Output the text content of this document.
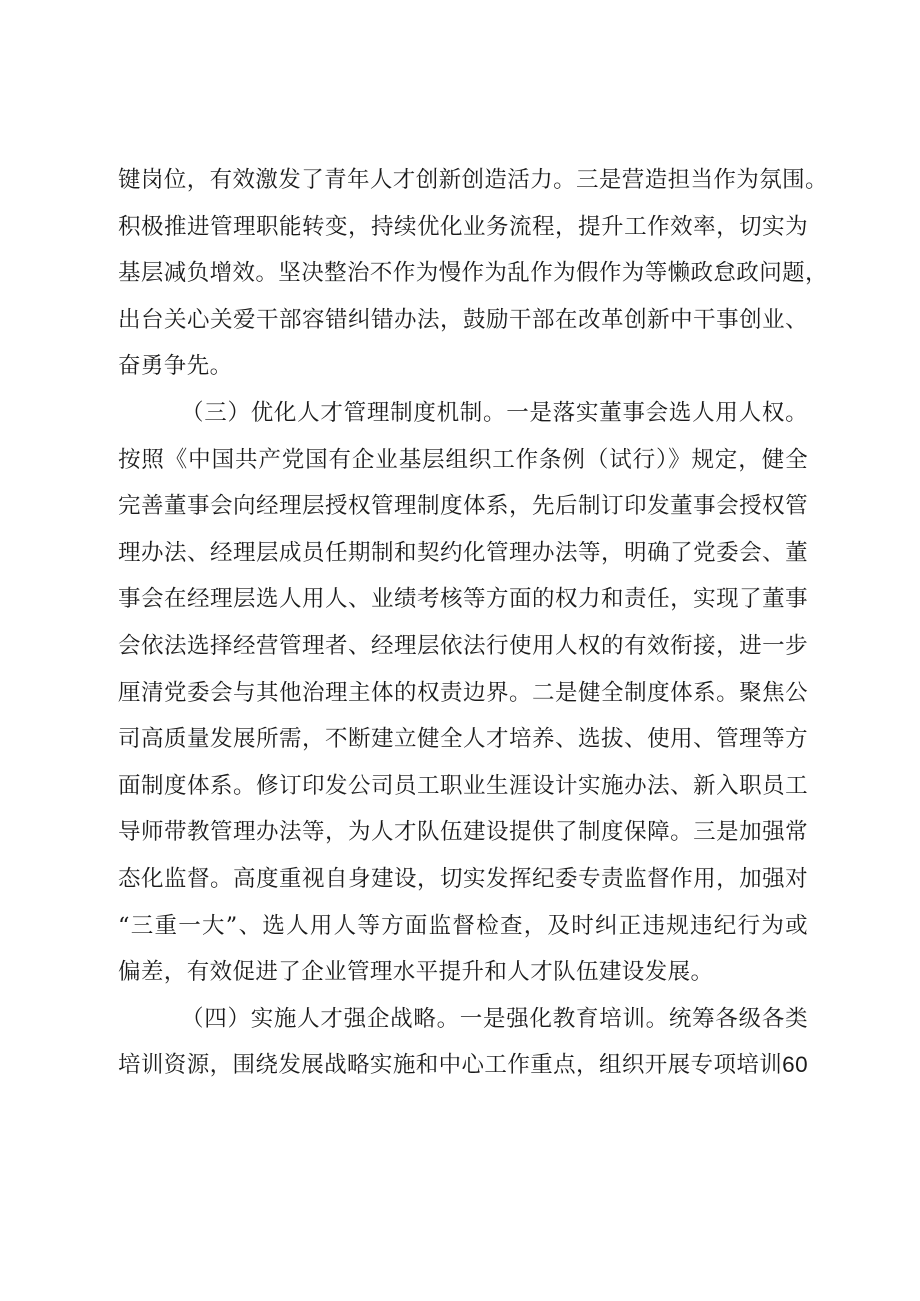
键岗位，有效激发了青年人才创新创造活力。三是营造担当作为氛围。
积极推进管理职能转变，持续优化业务流程，提升工作效率，切实为
基层减负增效。坚决整治不作为慢作为乱作为假作为等懒政怠政问题，
出台关心关爱干部容错纠错办法，鼓励干部在改革创新中干事创业、
奋勇争先。
（三）优化人才管理制度机制。一是落实董事会选人用人权。
按照《中国共产党国有企业基层组织工作条例（试行）》规定，健全
完善董事会向经理层授权管理制度体系，先后制订印发董事会授权管
理办法、经理层成员任期制和契约化管理办法等，明确了党委会、董
事会在经理层选人用人、业绩考核等方面的权力和责任，实现了董事
会依法选择经营管理者、经理层依法行使用人权的有效衔接，进一步
厘清党委会与其他治理主体的权责边界。二是健全制度体系。聚焦公
司高质量发展所需，不断建立健全人才培养、选拔、使用、管理等方
面制度体系。修订印发公司员工职业生涯设计实施办法、新入职员工
导师带教管理办法等，为人才队伍建设提供了制度保障。三是加强常
态化监督。高度重视自身建设，切实发挥纪委专责监督作用，加强对
“三重一大”、选人用人等方面监督检查，及时纠正违规违纪行为或
偏差，有效促进了企业管理水平提升和人才队伍建设发展。
（四）实施人才强企战略。一是强化教育培训。统筹各级各类
培训资源，围绕发展战略实施和中心工作重点，组织开展专项培训60
